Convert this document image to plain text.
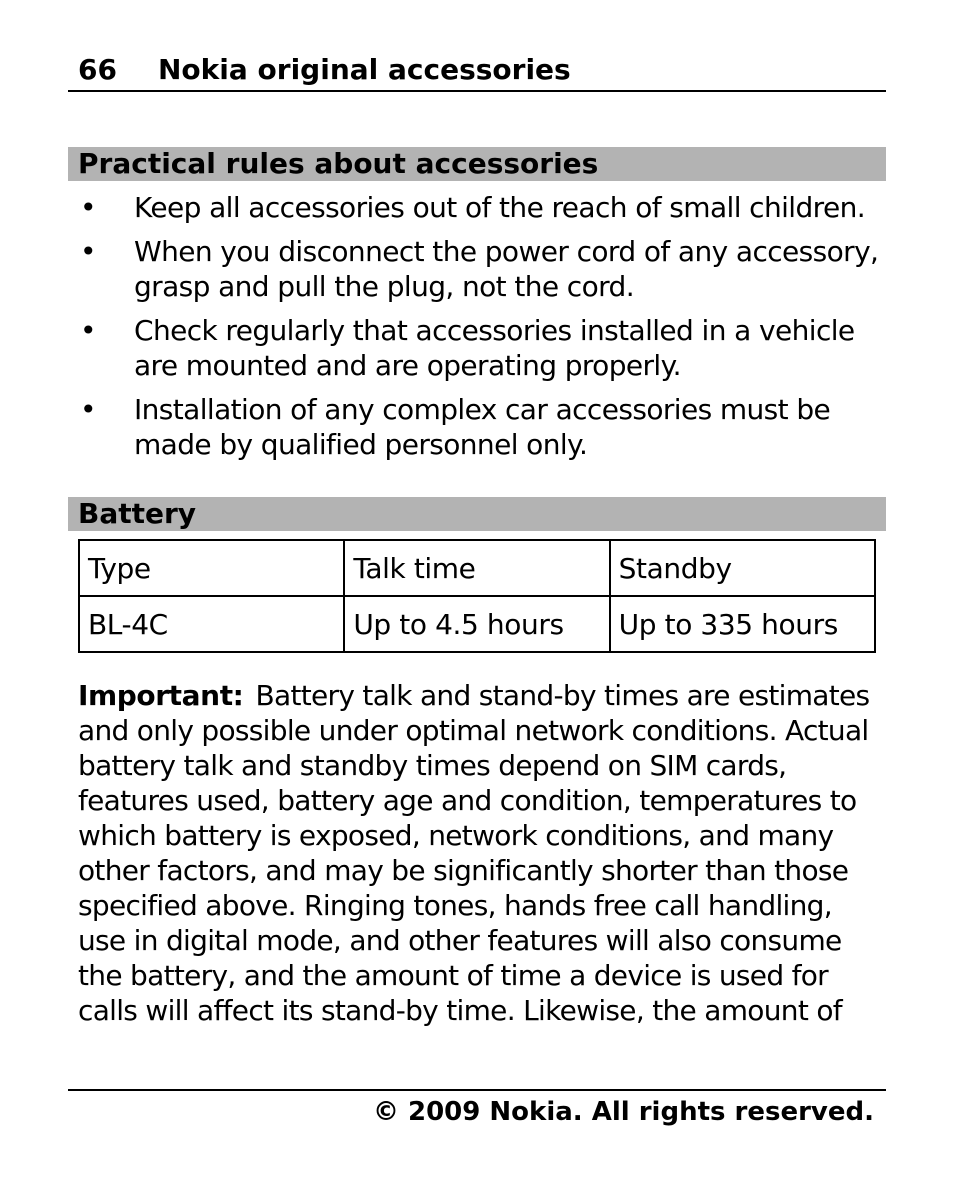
66 Nokia original accessories
Practical rules about accessories
• Keep all accessories out of the reach of small children.
• When you disconnect the power cord of any accessory, grasp and pull the plug, not the cord.
• Check regularly that accessories installed in a vehicle are mounted and are operating properly.
• Installation of any complex car accessories must be made by qualified personnel only.
Battery
Type	Talk time	Standby
BL-4C	Up to 4.5 hours	Up to 335 hours

Important: Battery talk and stand-by times are estimates and only possible under optimal network conditions. Actual battery talk and standby times depend on SIM cards, features used, battery age and condition, temperatures to which battery is exposed, network conditions, and many other factors, and may be significantly shorter than those specified above. Ringing tones, hands free call handling, use in digital mode, and other features will also consume the battery, and the amount of time a device is used for calls will affect its stand-by time. Likewise, the amount of

© 2009 Nokia. All rights reserved.
